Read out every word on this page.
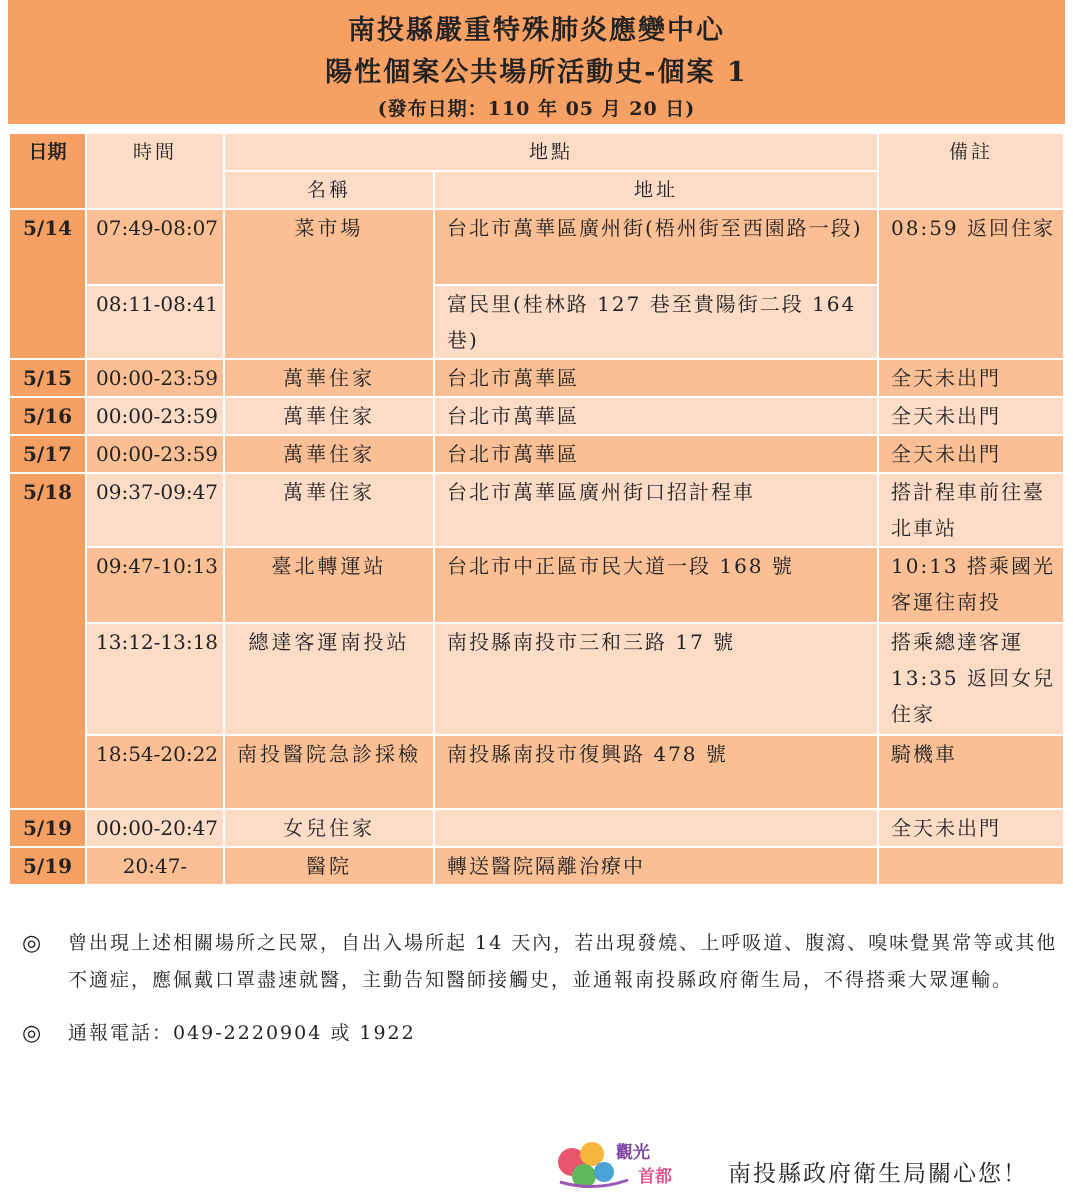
南投縣嚴重特殊肺炎應變中心
陽性個案公共場所活動史-個案 1
(發布日期：110 年 05 月 20 日)
日期	時間	地點		備註
		名稱	地址	
5/14	07:49-08:07	菜市場	台北市萬華區廣州街(梧州街至西園路一段)	08:59 返回住家
	08:11-08:41		富民里(桂林路 127 巷至貴陽街二段 164 巷)	
5/15	00:00-23:59	萬華住家	台北市萬華區	全天未出門
5/16	00:00-23:59	萬華住家	台北市萬華區	全天未出門
5/17	00:00-23:59	萬華住家	台北市萬華區	全天未出門
5/18	09:37-09:47	萬華住家	台北市萬華區廣州街口招計程車	搭計程車前往臺北車站
	09:47-10:13	臺北轉運站	台北市中正區市民大道一段 168 號	10:13 搭乘國光客運往南投
	13:12-13:18	總達客運南投站	南投縣南投市三和三路 17 號	搭乘總達客運13:35 返回女兒住家
	18:54-20:22	南投醫院急診採檢	南投縣南投市復興路 478 號	騎機車
5/19	00:00-20:47	女兒住家		全天未出門
5/19	20:47-	醫院	轉送醫院隔離治療中	
◎ 曾出現上述相關場所之民眾，自出入場所起 14 天內，若出現發燒、上呼吸道、腹瀉、嗅味覺異常等或其他不適症，應佩戴口罩盡速就醫，主動告知醫師接觸史，並通報南投縣政府衛生局，不得搭乘大眾運輸。
◎ 通報電話：049-2220904 或 1922
觀光
首都 南投縣政府衛生局關心您！
